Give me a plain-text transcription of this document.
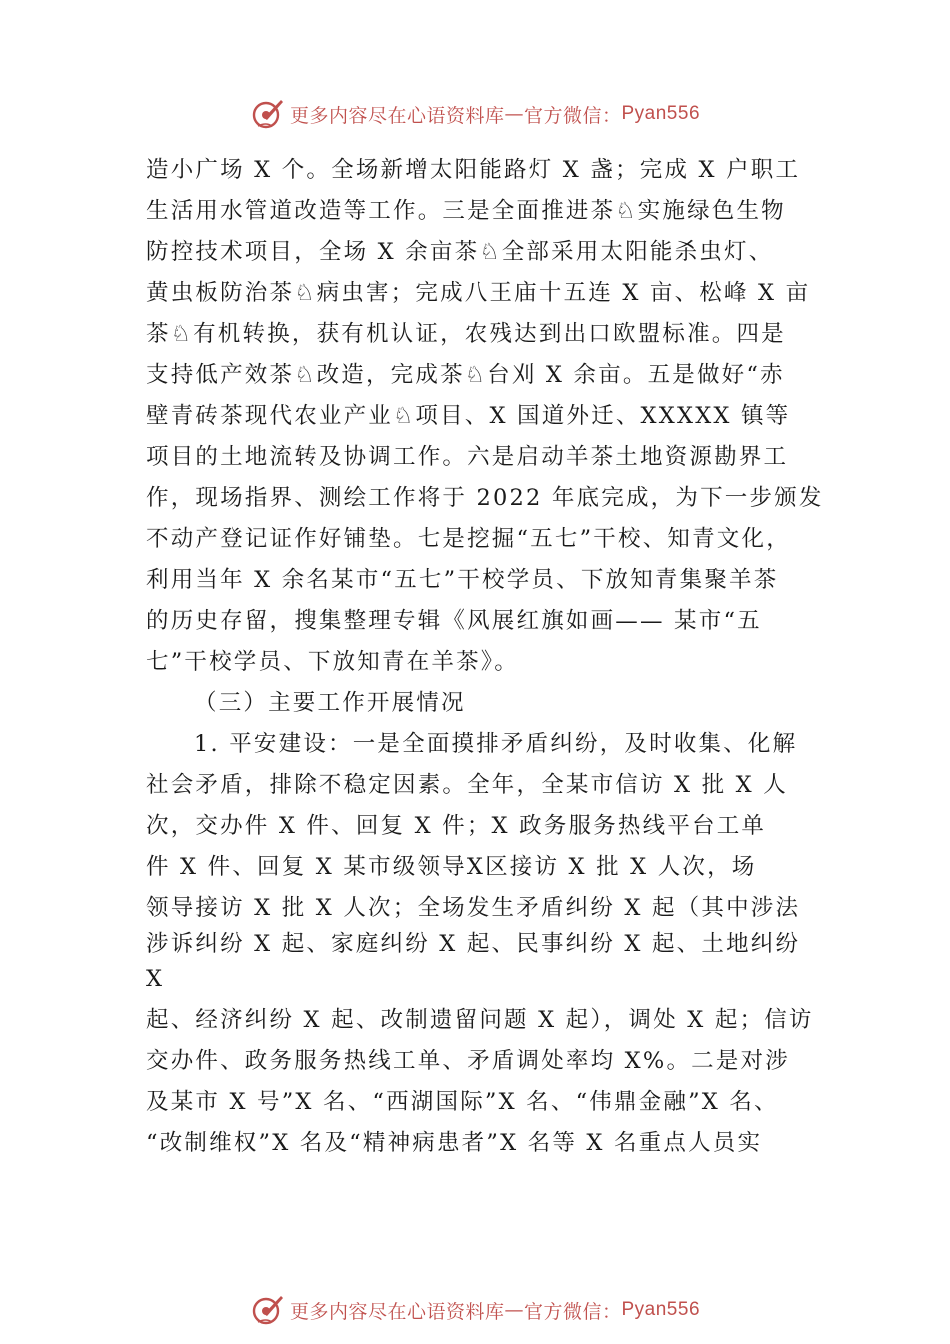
更多内容尽在心语资料库 — 官方微信： Pyan556
造小广场 X 个。全场新增太阳能路灯 X 盏；完成 X 户职工
生活用水管道改造等工作。三是全面推进茶♘实施绿色生物
防控技术项目，全场 X 余亩茶♘全部采用太阳能杀虫灯、
黄虫板防治茶♘病虫害；完成八王庙十五连 X 亩、松峰 X 亩
茶♘有机转换，获有机认证，农残达到出口欧盟标准。四是
支持低产效茶♘改造，完成茶♘台刈 X 余亩。五是做好“赤
壁青砖茶现代农业产业♘项目、X 国道外迁、XXXXX 镇等
项目的土地流转及协调工作。六是启动羊茶土地资源勘界工
作，现场指界、测绘工作将于 2022 年底完成，为下一步颁发
不动产登记证作好铺垫。七是挖掘“五七”干校、知青文化，
利用当年 X 余名某市“五七”干校学员、下放知青集聚羊茶
的历史存留，搜集整理专辑《风展红旗如画—— 某市“五
七”干校学员、下放知青在羊茶》。
（三）主要工作开展情况
1. 平安建设：一是全面摸排矛盾纠纷，及时收集、化解
社会矛盾，排除不稳定因素。全年，全某市信访 X 批 X 人
次，交办件 X 件、回复 X 件；X 政务服务热线平台工单
件 X 件、回复 X 某市级领导Ⅹ区接访 X 批 X 人次，场
领导接访 X 批 X 人次；全场发生矛盾纠纷 X 起（其中涉法
涉诉纠纷 X 起、家庭纠纷 X 起、民事纠纷 X 起、土地纠纷
X
起、经济纠纷 X 起、改制遗留问题 X 起），调处 X 起；信访
交办件、政务服务热线工单、矛盾调处率均 X%。二是对涉
及某市 X 号”X 名、“西湖国际”X 名、“伟鼎金融”X 名、
“改制维权”X 名及“精神病患者”X 名等 X 名重点人员实
更多内容尽在心语资料库 — 官方微信： Pyan556
